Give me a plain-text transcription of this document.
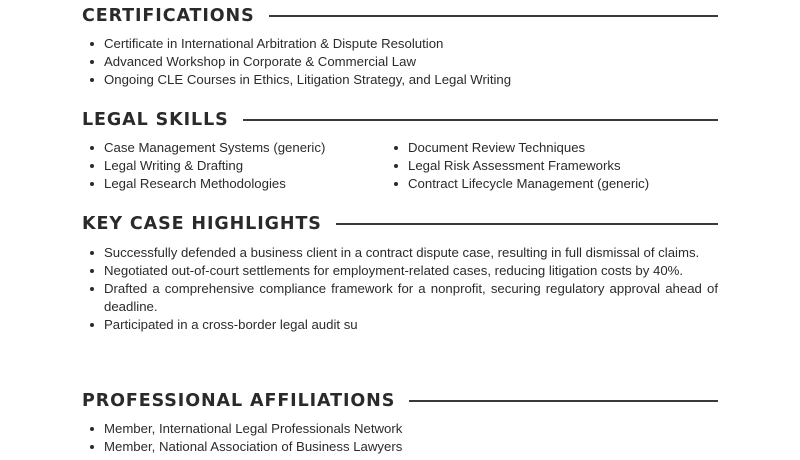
CERTIFICATIONS
Certificate in International Arbitration & Dispute Resolution
Advanced Workshop in Corporate & Commercial Law
Ongoing CLE Courses in Ethics, Litigation Strategy, and Legal Writing
LEGAL SKILLS
Case Management Systems (generic)
Legal Writing & Drafting
Legal Research Methodologies
Document Review Techniques
Legal Risk Assessment Frameworks
Contract Lifecycle Management (generic)
KEY CASE HIGHLIGHTS
Successfully defended a business client in a contract dispute case, resulting in full dismissal of claims.
Negotiated out-of-court settlements for employment-related cases, reducing litigation costs by 40%.
Drafted a comprehensive compliance framework for a nonprofit, securing regulatory approval ahead of deadline.
Participated in a cross-border legal audit su
PROFESSIONAL AFFILIATIONS
Member, International Legal Professionals Network
Member, National Association of Business Lawyers
